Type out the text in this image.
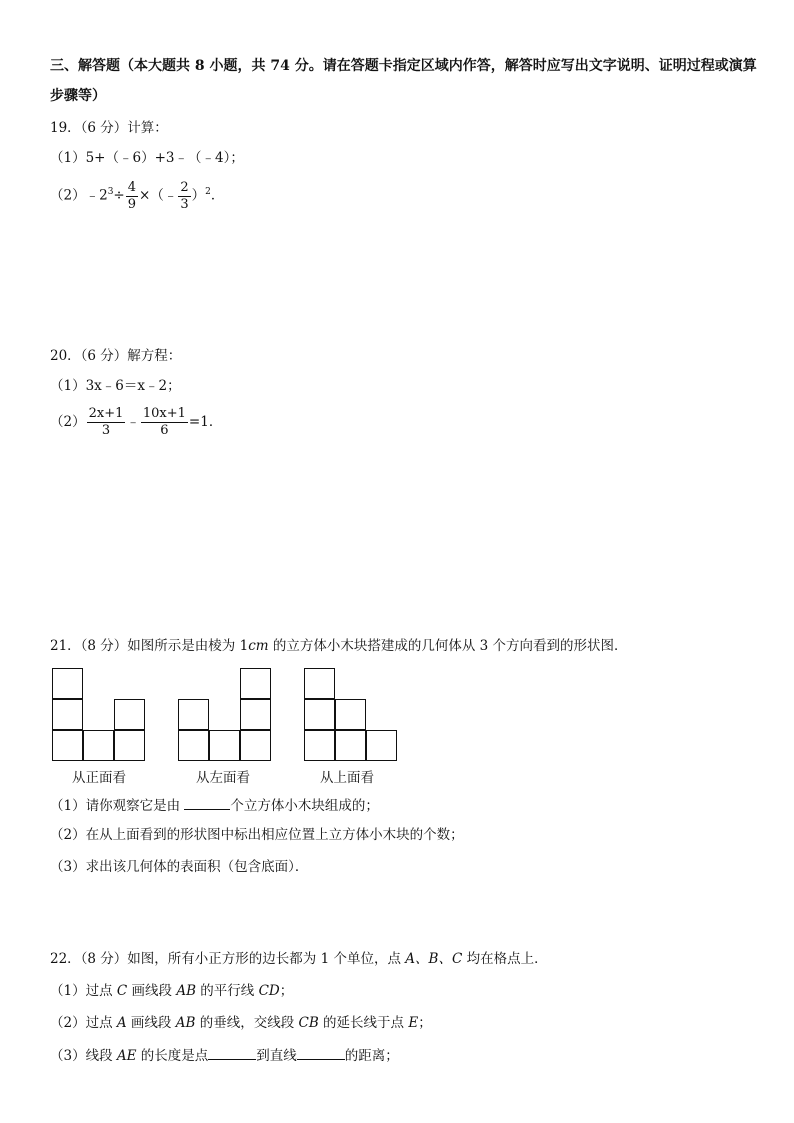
三、解答题（本大题共 8 小题，共 74 分。请在答题卡指定区域内作答，解答时应写出文字说明、证明过程或演算
步骤等）
19．（6 分）计算：
（1）5+（﹣6）+3﹣（﹣4）；
$(2)﹣2^3\div \frac{4}{9}$ ×（﹣ $\frac{2}{3} )^2$．
20．（6 分）解方程：
（1）3x﹣6＝x﹣2；
$(2) \frac{2x+1}{3}$ ﹣ $\frac{10x+1}{6} =1$．
21．（8 分）如图所示是由棱为 1cm 的立方体小木块搭建成的几何体从 3 个方向看到的形状图．
从正面看	从左面看	从上面看
（1）请你观察它是由	个立方体小木块组成的；
（2）在从上面看到的形状图中标出相应位置上立方体小木块的个数；
（3）求出该几何体的表面积（包含底面）．
22．（8 分）如图，所有小正方形的边长都为 1 个单位，点 A、B、C 均在格点上．
（1）过点 C 画线段 AB 的平行线 CD；
（2）过点 A 画线段 AB 的垂线，交线段 CB 的延长线于点 E；
（3）线段 AE 的长度是点	到直线	的距离；
